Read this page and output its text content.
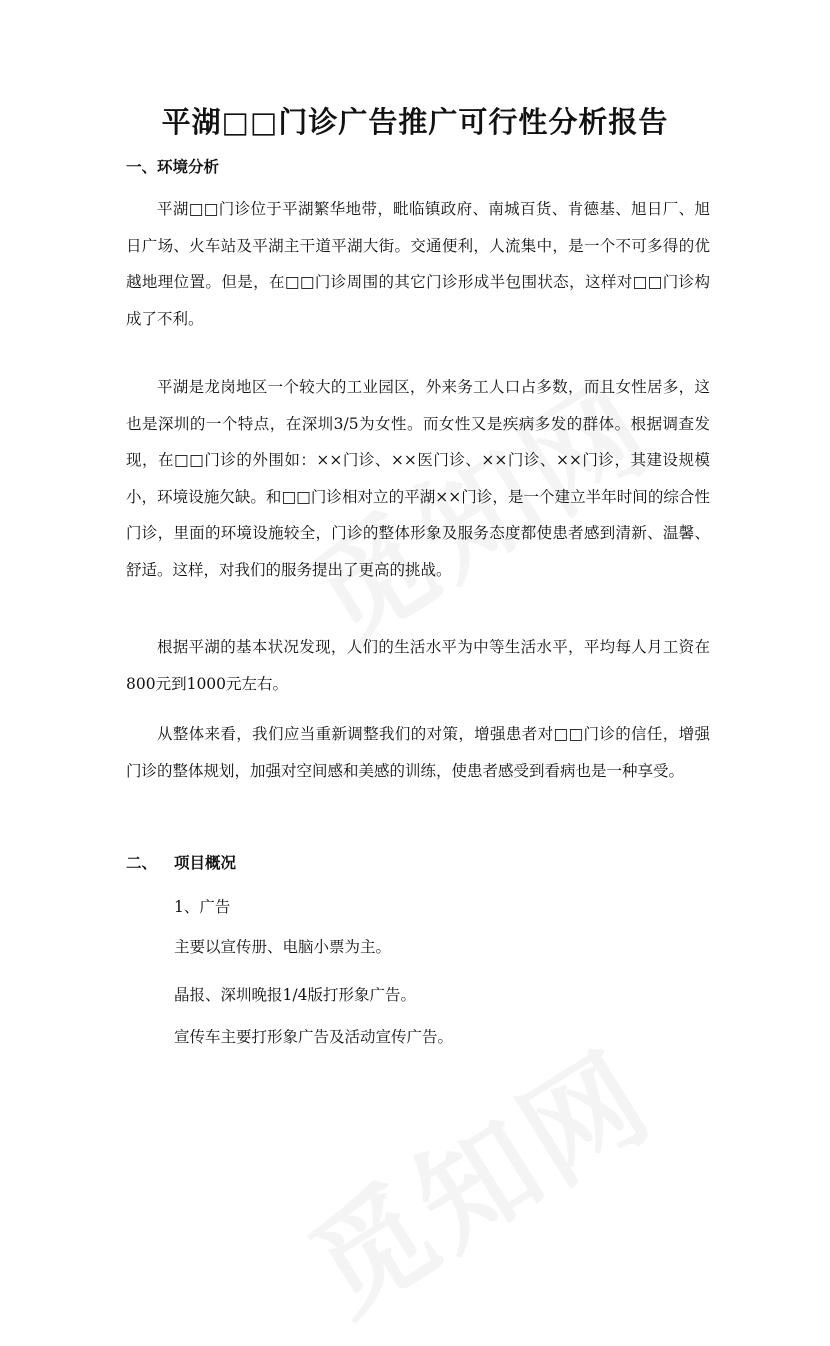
平湖□□门诊广告推广可行性分析报告
一、环境分析
平湖□□门诊位于平湖繁华地带，毗临镇政府、南城百货、肯德基、旭日厂、旭日广场、火车站及平湖主干道平湖大街。交通便利，人流集中，是一个不可多得的优越地理位置。但是，在□□门诊周围的其它门诊形成半包围状态，这样对□□门诊构成了不利。
平湖是龙岗地区一个较大的工业园区，外来务工人口占多数，而且女性居多，这也是深圳的一个特点，在深圳3/5为女性。而女性又是疾病多发的群体。根据调查发现，在□□门诊的外围如：××门诊、××医门诊、××门诊、××门诊，其建设规模小，环境设施欠缺。和□□门诊相对立的平湖××门诊，是一个建立半年时间的综合性门诊，里面的环境设施较全，门诊的整体形象及服务态度都使患者感到清新、温馨、舒适。这样，对我们的服务提出了更高的挑战。
根据平湖的基本状况发现，人们的生活水平为中等生活水平，平均每人月工资在800元到1000元左右。
从整体来看，我们应当重新调整我们的对策，增强患者对□□门诊的信任，增强门诊的整体规划，加强对空间感和美感的训练，使患者感受到看病也是一种享受。
二、 项目概况
1、广告
主要以宣传册、电脑小票为主。
晶报、深圳晚报1/4版打形象广告。
宣传车主要打形象广告及活动宣传广告。
